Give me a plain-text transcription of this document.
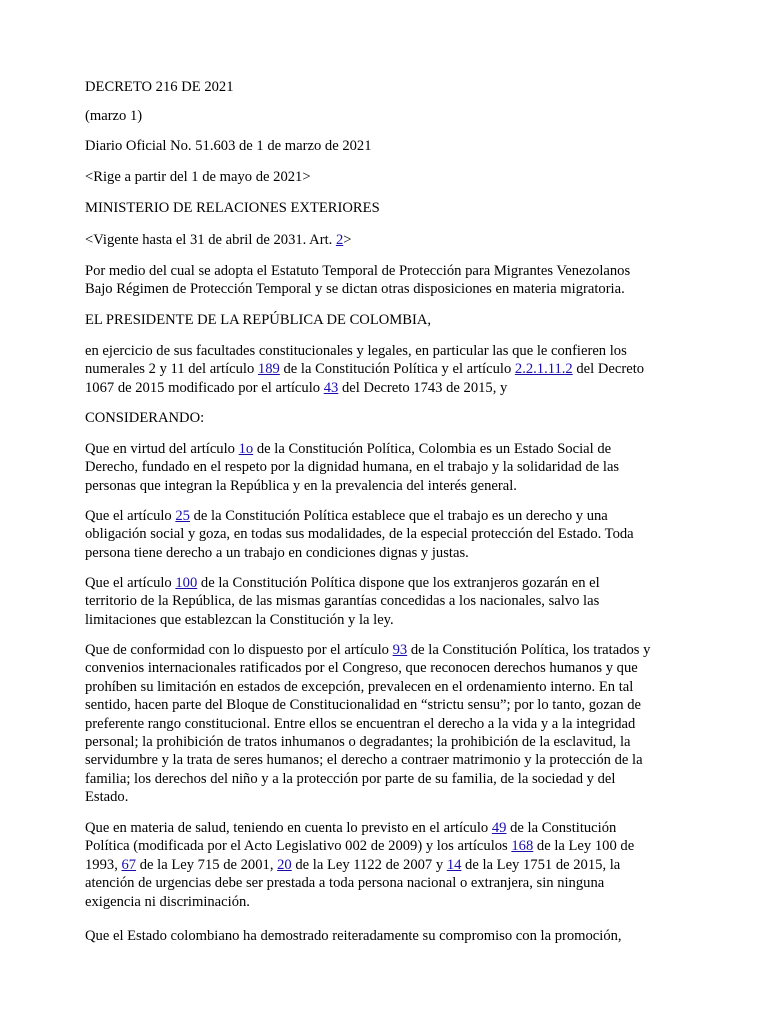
DECRETO 216 DE 2021

(marzo 1)

Diario Oficial No. 51.603 de 1 de marzo de 2021

<Rige a partir del 1 de mayo de 2021>

MINISTERIO DE RELACIONES EXTERIORES

<Vigente hasta el 31 de abril de 2031. Art. 2>

Por medio del cual se adopta el Estatuto Temporal de Protección para Migrantes Venezolanos
Bajo Régimen de Protección Temporal y se dictan otras disposiciones en materia migratoria.

EL PRESIDENTE DE LA REPÚBLICA DE COLOMBIA,

en ejercicio de sus facultades constitucionales y legales, en particular las que le confieren los
numerales 2 y 11 del artículo 189 de la Constitución Política y el artículo 2.2.1.11.2 del Decreto
1067 de 2015 modificado por el artículo 43 del Decreto 1743 de 2015, y

CONSIDERANDO:

Que en virtud del artículo 1o de la Constitución Política, Colombia es un Estado Social de
Derecho, fundado en el respeto por la dignidad humana, en el trabajo y la solidaridad de las
personas que integran la República y en la prevalencia del interés general.

Que el artículo 25 de la Constitución Política establece que el trabajo es un derecho y una
obligación social y goza, en todas sus modalidades, de la especial protección del Estado. Toda
persona tiene derecho a un trabajo en condiciones dignas y justas.

Que el artículo 100 de la Constitución Política dispone que los extranjeros gozarán en el
territorio de la República, de las mismas garantías concedidas a los nacionales, salvo las
limitaciones que establezcan la Constitución y la ley.

Que de conformidad con lo dispuesto por el artículo 93 de la Constitución Política, los tratados y
convenios internacionales ratificados por el Congreso, que reconocen derechos humanos y que
prohíben su limitación en estados de excepción, prevalecen en el ordenamiento interno. En tal
sentido, hacen parte del Bloque de Constitucionalidad en “strictu sensu”; por lo tanto, gozan de
preferente rango constitucional. Entre ellos se encuentran el derecho a la vida y a la integridad
personal; la prohibición de tratos inhumanos o degradantes; la prohibición de la esclavitud, la
servidumbre y la trata de seres humanos; el derecho a contraer matrimonio y la protección de la
familia; los derechos del niño y a la protección por parte de su familia, de la sociedad y del
Estado.

Que en materia de salud, teniendo en cuenta lo previsto en el artículo 49 de la Constitución
Política (modificada por el Acto Legislativo 002 de 2009) y los artículos 168 de la Ley 100 de
1993, 67 de la Ley 715 de 2001, 20 de la Ley 1122 de 2007 y 14 de la Ley 1751 de 2015, la
atención de urgencias debe ser prestada a toda persona nacional o extranjera, sin ninguna
exigencia ni discriminación.

Que el Estado colombiano ha demostrado reiteradamente su compromiso con la promoción,
